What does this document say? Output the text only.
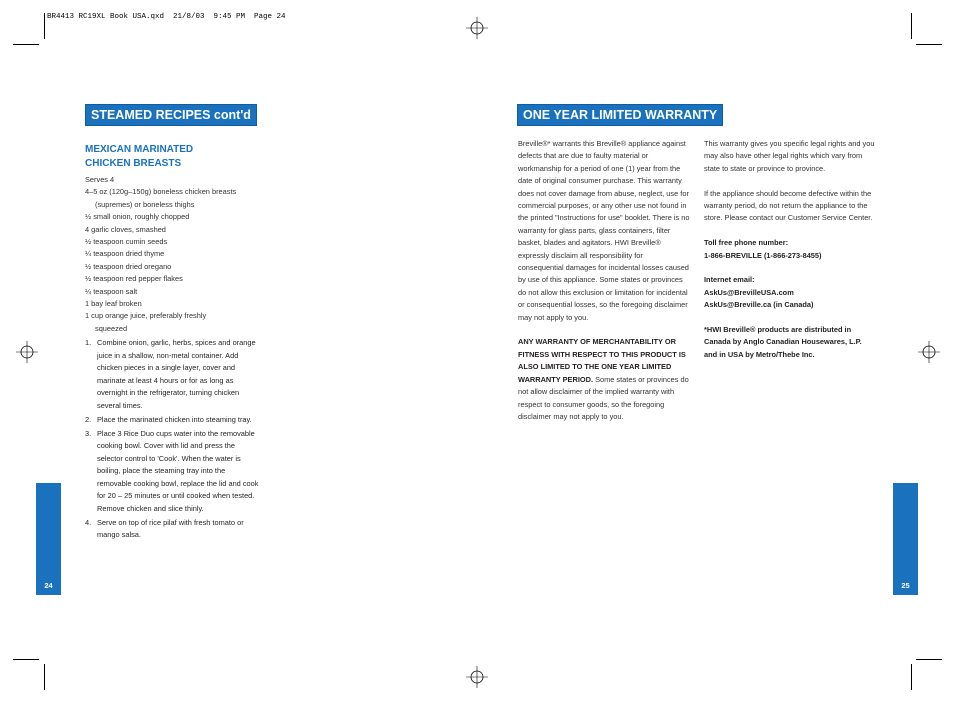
BR4413 RC19XL Book USA.qxd  21/8/03  9:45 PM  Page 24
STEAMED RECIPES cont'd
MEXICAN MARINATED
CHICKEN BREASTS
Serves 4
4–5 oz (120g–150g) boneless chicken breasts
(supremes) or boneless thighs
½ small onion, roughly chopped
4 garlic cloves, smashed
½ teaspoon cumin seeds
¼ teaspoon dried thyme
½ teaspoon dried oregano
½ teaspoon red pepper flakes
¼ teaspoon salt
1 bay leaf broken
1 cup orange juice, preferably freshly
squeezed
1. Combine onion, garlic, herbs, spices and orange juice in a shallow, non-metal container. Add chicken pieces in a single layer, cover and marinate at least 4 hours or for as long as overnight in the refrigerator, turning chicken several times.
2. Place the marinated chicken into steaming tray.
3. Place 3 Rice Duo cups water into the removable cooking bowl. Cover with lid and press the selector control to 'Cook'. When the water is boiling, place the steaming tray into the removable cooking bowl, replace the lid and cook for 20 – 25 minutes or until cooked when tested. Remove chicken and slice thinly.
4. Serve on top of rice pilaf with fresh tomato or mango salsa.
24
ONE YEAR LIMITED WARRANTY

Breville®* warrants this Breville® appliance against defects that are due to faulty material or workmanship for a period of one (1) year from the date of original consumer purchase. This warranty does not cover damage from abuse, neglect, use for commercial purposes, or any other use not found in the printed "Instructions for use" booklet. There is no warranty for glass parts, glass containers, filter basket, blades and agitators. HWI Breville® expressly disclaim all responsibility for consequential damages for incidental losses caused by use of this appliance. Some states or provinces do not allow this exclusion or limitation for incidental or consequential losses, so the foregoing disclaimer may not apply to you.

ANY WARRANTY OF MERCHANTABILITY OR FITNESS WITH RESPECT TO THIS PRODUCT IS ALSO LIMITED TO THE ONE YEAR LIMITED WARRANTY PERIOD. Some states or provinces do not allow disclaimer of the implied warranty with respect to consumer goods, so the foregoing disclaimer may not apply to you.

This warranty gives you specific legal rights and you may also have other legal rights which vary from state to state or province to province.

If the appliance should become defective within the warranty period, do not return the appliance to the store. Please contact our Customer Service Center.

Toll free phone number:
1-866-BREVILLE (1-866-273-8455)

Internet email:
AskUs@BrevilleUSA.com
AskUs@Breville.ca (in Canada)

*HWI Breville® products are distributed in Canada by Anglo Canadian Housewares, L.P. and in USA by Metro/Thebe Inc.

25
